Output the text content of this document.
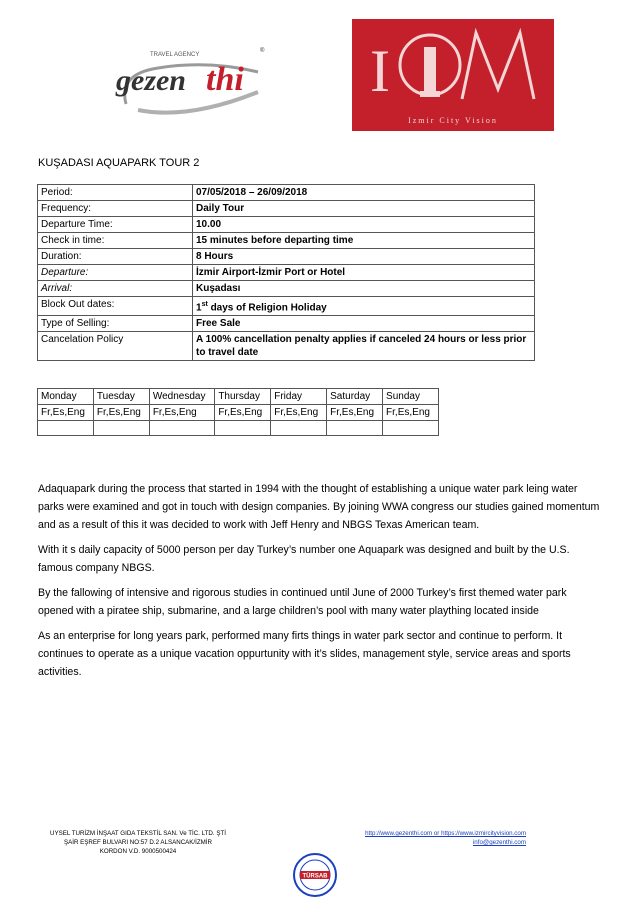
TRAVEL AGENCY
gezen thi
® I
Izmir City Vision
KUŞADASI AQUAPARK TOUR 2
Period:	07/05/2018 – 26/09/2018
Frequency:	Daily Tour
Departure Time:	10.00
Check in time:	15 minutes before departing time
Duration:	8 Hours
Departure:	İzmir Airport-İzmir Port or Hotel
Arrival:	Kuşadası
Block Out dates:	1st days of Religion Holiday
Type of Selling:	Free Sale
Cancelation Policy	A 100% cancellation penalty applies if canceled 24 hours or less prior to travel date
Monday	Tuesday	Wednesday	Thursday	Friday	Saturday	Sunday
Fr,Es,Eng	Fr,Es,Eng	Fr,Es,Eng	Fr,Es,Eng	Fr,Es,Eng	Fr,Es,Eng	Fr,Es,Eng

Adaquapark during the process that started in 1994 with the thought of establishing a unique water park leing water parks were examined and got in touch with design companies. By joining WWA congress our studies gained momentum and as a result of this it was decided to work with Jeff Henry and NBGS Texas American team.

With it s daily capacity of 5000 person per day Turkey’s number one Aquapark was designed and built by the U.S. famous company NBGS.

By the fallowing of intensive and rigorous studies in continued until June of 2000 Turkey’s first themed water park opened with a piratee ship, submarine, and a large children’s pool with many water plaything located inside

As an enterprise for long years park, performed many firts things in water park sector and continue to perform. It continues to operate as a unique vacation oppurtunity with it’s slides, management style, service areas and sports activities.

UYSEL TURİZM İNŞAAT GIDA TEKSTİL SAN. Ve TİC. LTD. ŞTİ
ŞAİR EŞREF BULVARI NO:57 D.2 ALSANCAK/İZMİR
KORDON V.D. 9000500424
http://www.gezenthi.com or https://www.izmircityvision.com
info@gezenthi.com
TÜRSAB
